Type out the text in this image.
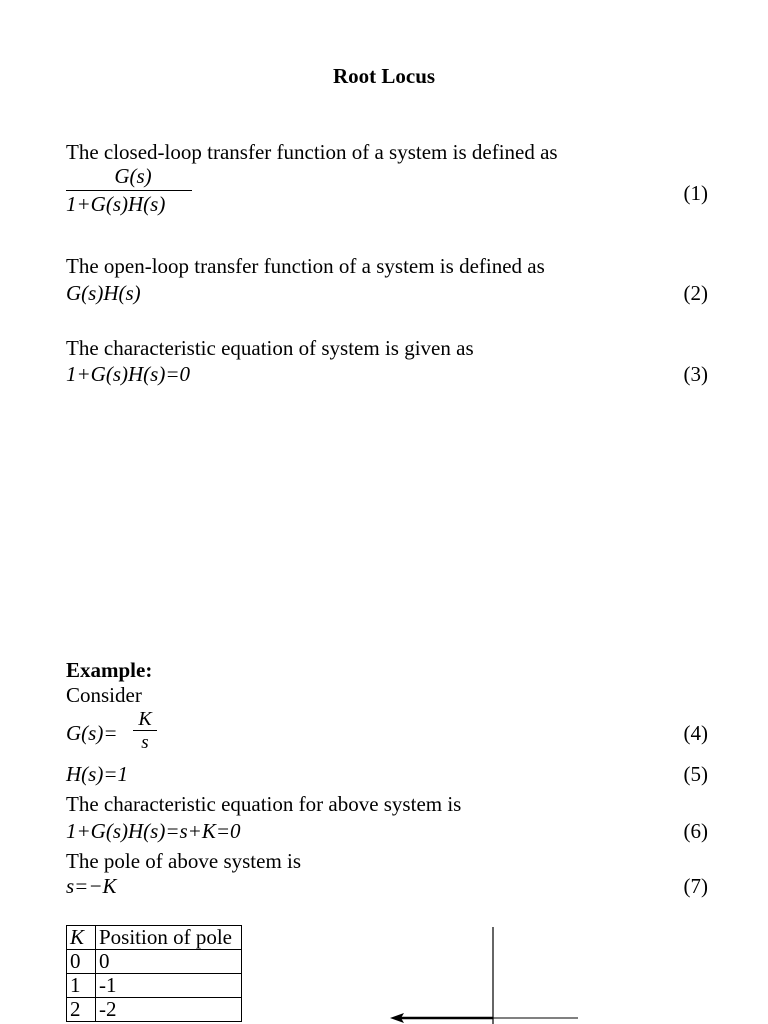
Root Locus
The closed-loop transfer function of a system is defined as
G(s)
1+G(s)H(s)	(1)
The open-loop transfer function of a system is defined as
G(s)H(s)	(2)
The characteristic equation of system is given as
1+G(s)H(s)=0	(3)
Example:
Consider
G(s)=
K
s	(4)
H(s)=1	(5)
The characteristic equation for above system is
1+G(s)H(s)=s+K=0	(6)
The pole of above system is
s=−K	(7)
K	Position of pole
0	0
1	-1
2	-2
